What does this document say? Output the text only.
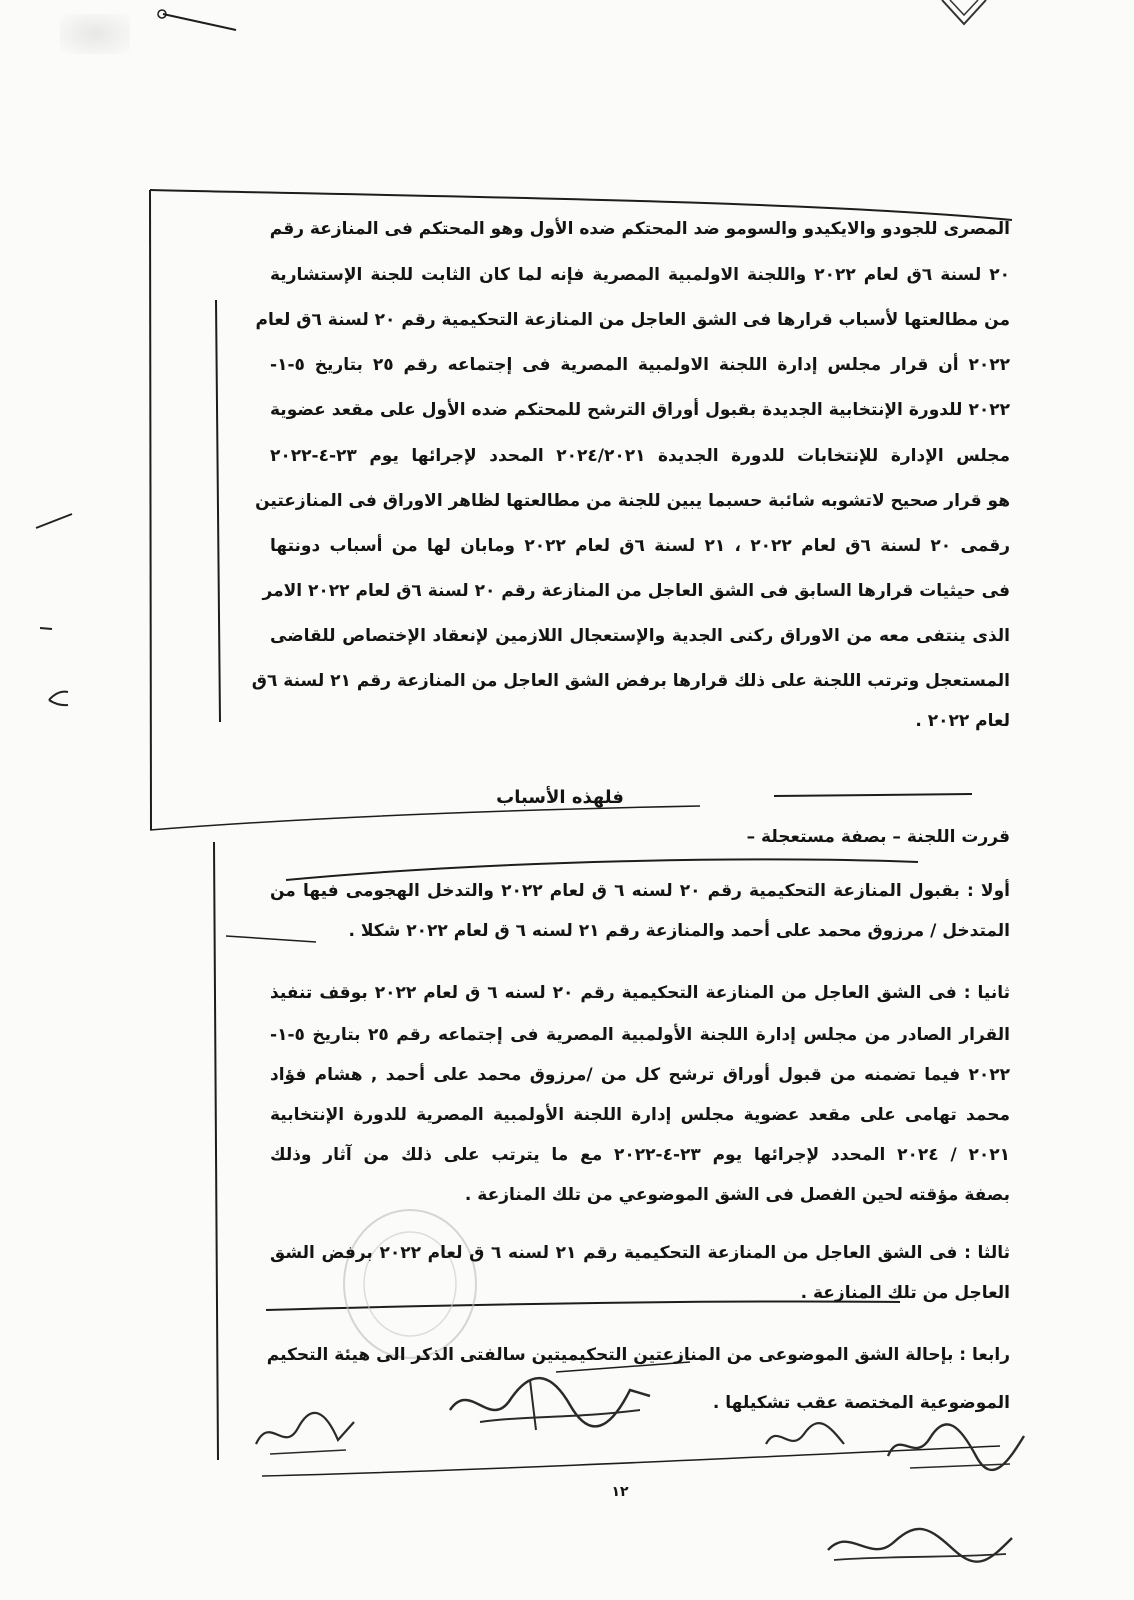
المصرى للجودو والايكيدو والسومو ضد المحتكم ضده الأول وهو المحتكم فى المنازعة رقم
٢٠ لسنة ٦ق لعام ٢٠٢٢ واللجنة الاولمبية المصرية فإنه لما كان الثابت للجنة الإستشارية
من مطالعتها لأسباب قرارها فى الشق العاجل من المنازعة التحكيمية رقم ٢٠ لسنة ٦ق لعام
٢٠٢٢ أن قرار مجلس إدارة اللجنة الاولمبية المصرية فى إجتماعه رقم ٢٥ بتاريخ ٥-١-
٢٠٢٢ للدورة الإنتخابية الجديدة بقبول أوراق الترشح للمحتكم ضده الأول على مقعد عضوية
مجلس الإدارة للإنتخابات للدورة الجديدة ٢٠٢٤/٢٠٢١ المحدد لإجرائها يوم ٢٣-٤-٢٠٢٢
هو قرار صحيح لاتشوبه شائبة حسبما يبين للجنة من مطالعتها لظاهر الاوراق فى المنازعتين
رقمى ٢٠ لسنة ٦ق لعام ٢٠٢٢ ، ٢١ لسنة ٦ق لعام ٢٠٢٢ ومابان لها من أسباب دونتها
فى حيثيات قرارها السابق فى الشق العاجل من المنازعة رقم ٢٠ لسنة ٦ق لعام ٢٠٢٢ الامر
الذى ينتفى معه من الاوراق ركنى الجدية والإستعجال اللازمين لإنعقاد الإختصاص للقاضى
المستعجل وترتب اللجنة على ذلك قرارها برفض الشق العاجل من المنازعة رقم ٢١ لسنة ٦ق
لعام ٢٠٢٢ .
فلهذه الأسباب
قررت اللجنة – بصفة مستعجلة –
أولا : بقبول المنازعة التحكيمية رقم ٢٠ لسنه ٦ ق لعام ٢٠٢٢ والتدخل الهجومى فيها من
المتدخل / مرزوق محمد على أحمد والمنازعة رقم ٢١ لسنه ٦ ق لعام ٢٠٢٢ شكلا .
ثانيا : فى الشق العاجل من المنازعة التحكيمية رقم ٢٠ لسنه ٦ ق لعام ٢٠٢٢ بوقف تنفيذ
القرار الصادر من مجلس إدارة اللجنة الأولمبية المصرية فى إجتماعه رقم ٢٥ بتاريخ ٥-١-
٢٠٢٢ فيما تضمنه من قبول أوراق ترشح كل من /مرزوق محمد على أحمد , هشام فؤاد
محمد تهامى على مقعد عضوية مجلس إدارة اللجنة الأولمبية المصرية للدورة الإنتخابية
٢٠٢١ / ٢٠٢٤ المحدد لإجرائها يوم ٢٣-٤-٢٠٢٢ مع ما يترتب على ذلك من آثار وذلك
بصفة مؤقته لحين الفصل فى الشق الموضوعي من تلك المنازعة .
ثالثا : فى الشق العاجل من المنازعة التحكيمية رقم ٢١ لسنه ٦ ق لعام ٢٠٢٢ برفض الشق
العاجل من تلك المنازعة .
رابعا : بإحالة الشق الموضوعى من المنازعتين التحكيميتين سالفتى الذكر الى هيئة التحكيم
الموضوعية المختصة عقب تشكيلها .
١٢
